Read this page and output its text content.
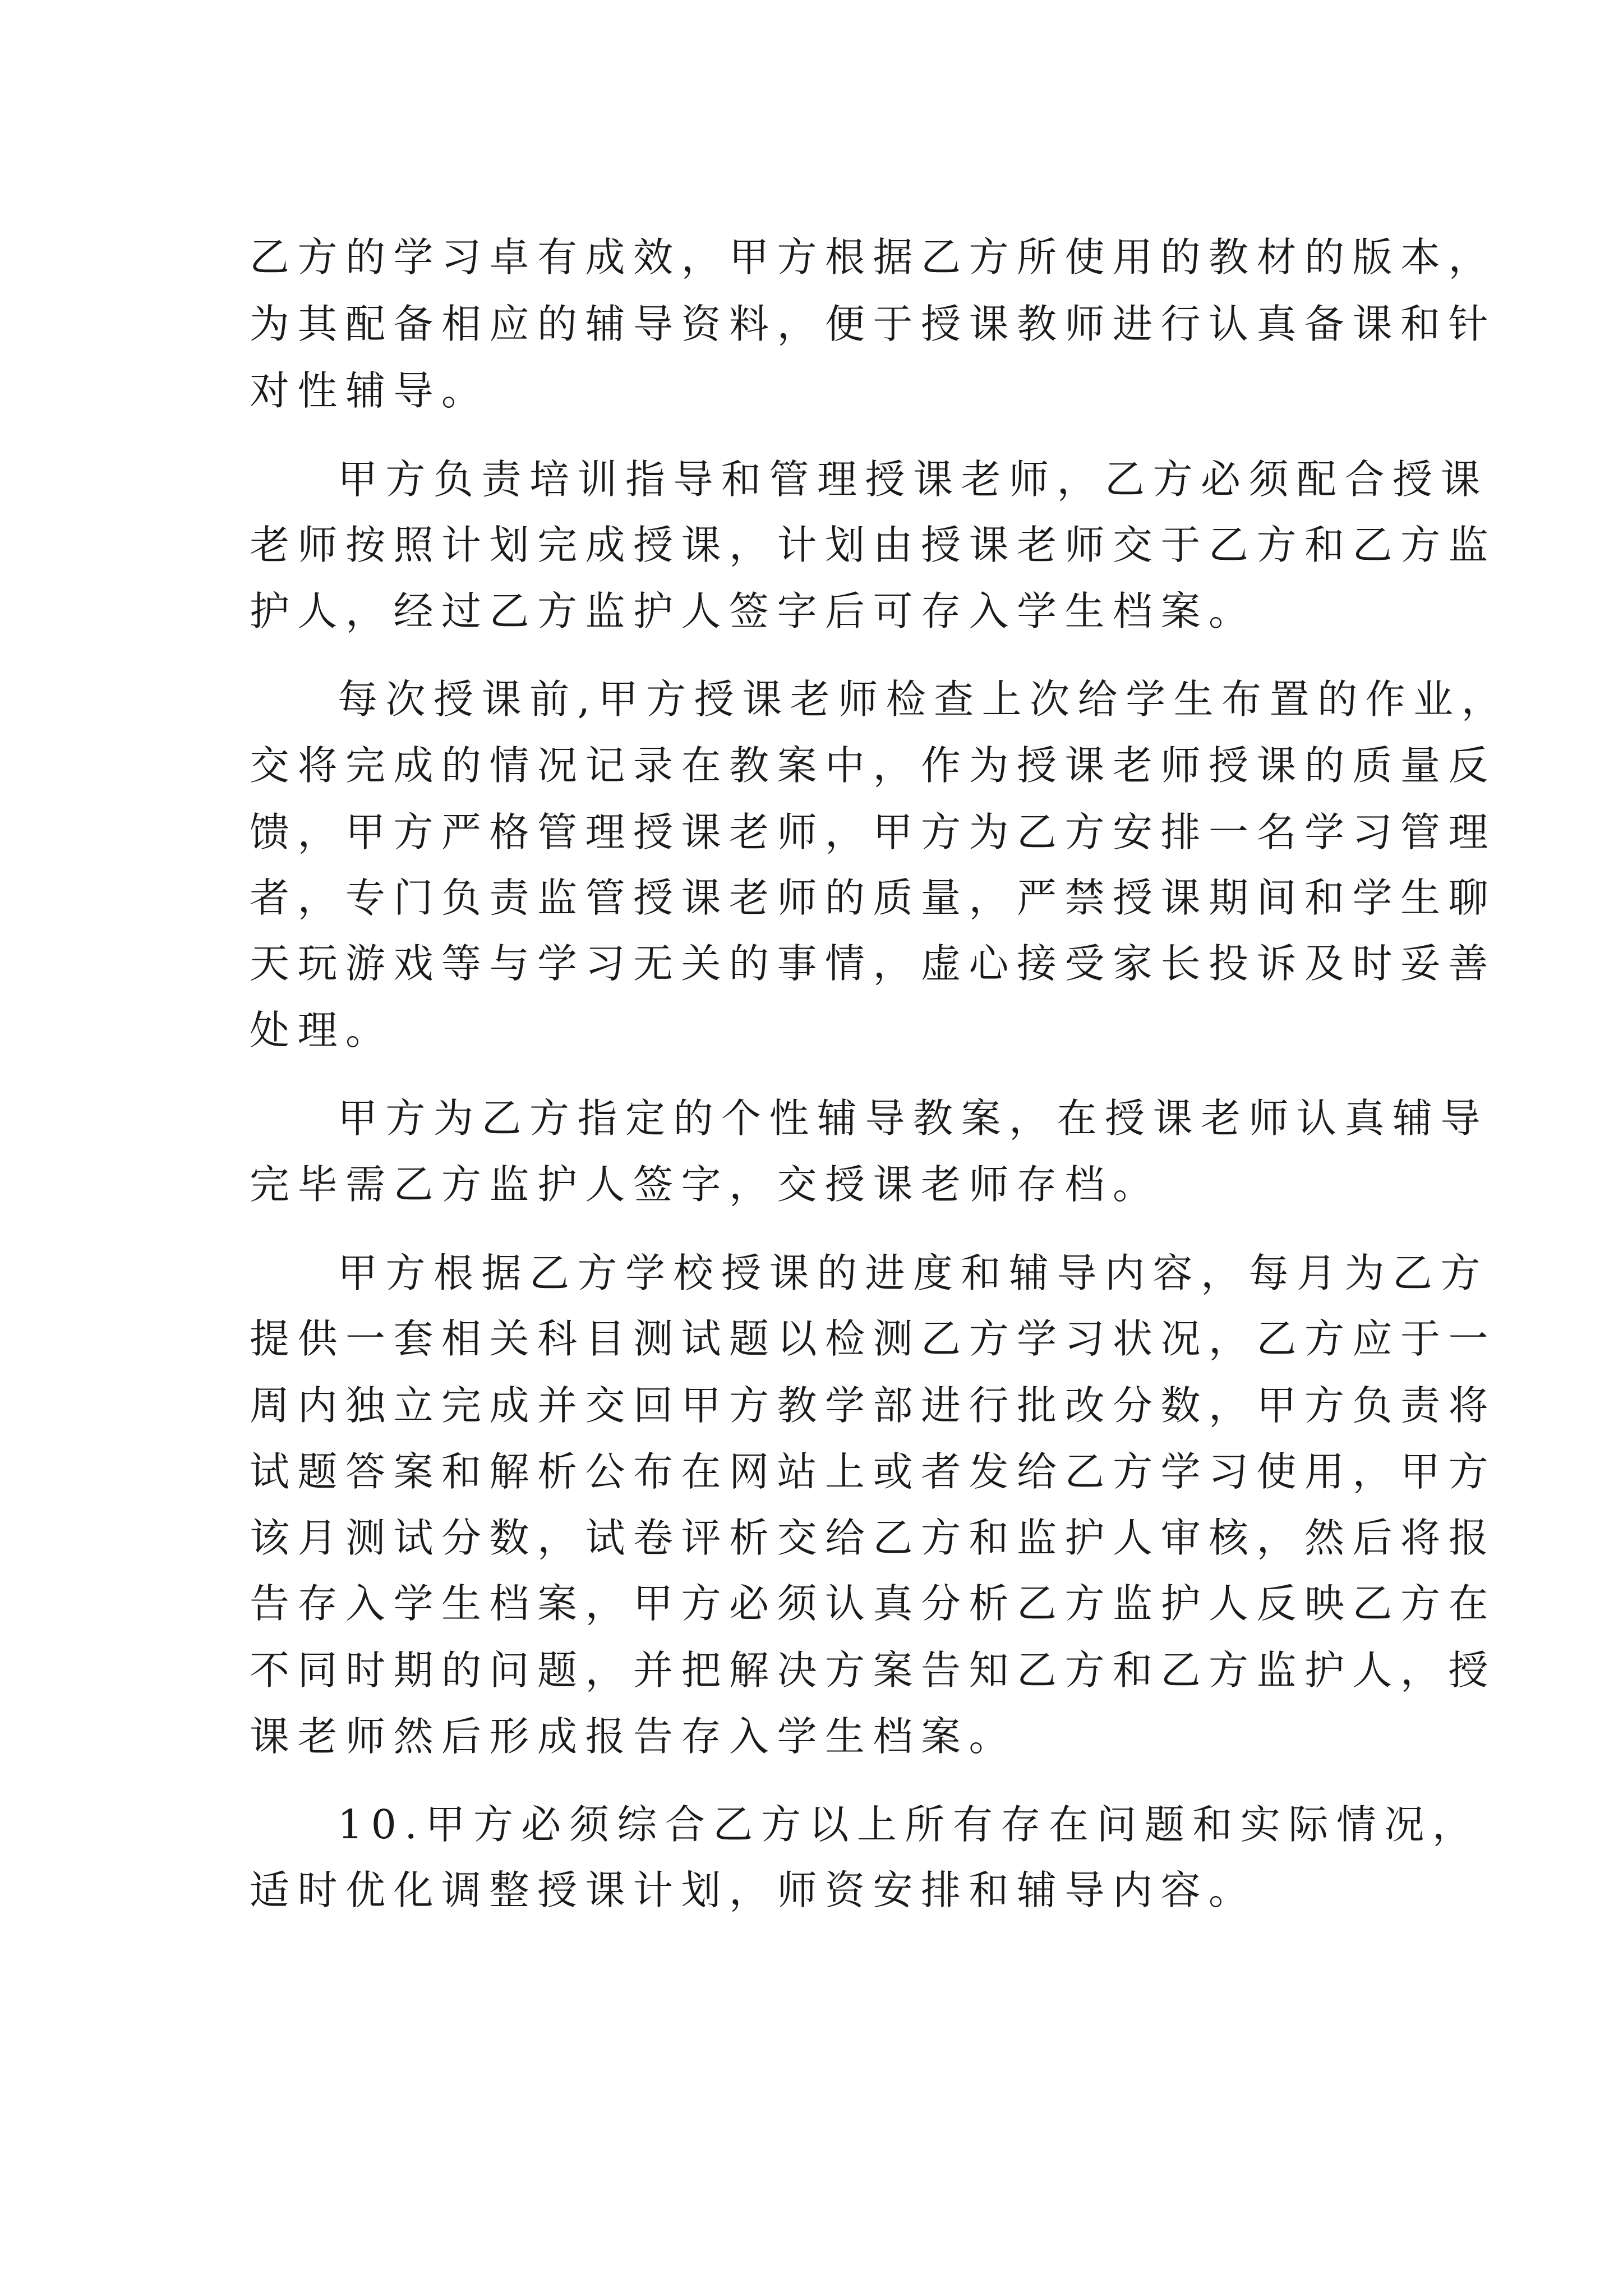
乙方的学习卓有成效，甲方根据乙方所使用的教材的版本，
为其配备相应的辅导资料，便于授课教师进行认真备课和针
对性辅导。
甲方负责培训指导和管理授课老师，乙方必须配合授课
老师按照计划完成授课，计划由授课老师交于乙方和乙方监
护人，经过乙方监护人签字后可存入学生档案。
每次授课前,甲方授课老师检查上次给学生布置的作业，
交将完成的情况记录在教案中，作为授课老师授课的质量反
馈，甲方严格管理授课老师，甲方为乙方安排一名学习管理
者，专门负责监管授课老师的质量，严禁授课期间和学生聊
天玩游戏等与学习无关的事情，虚心接受家长投诉及时妥善
处理。
甲方为乙方指定的个性辅导教案，在授课老师认真辅导
完毕需乙方监护人签字，交授课老师存档。
甲方根据乙方学校授课的进度和辅导内容，每月为乙方
提供一套相关科目测试题以检测乙方学习状况，乙方应于一
周内独立完成并交回甲方教学部进行批改分数，甲方负责将
试题答案和解析公布在网站上或者发给乙方学习使用，甲方
该月测试分数，试卷评析交给乙方和监护人审核，然后将报
告存入学生档案，甲方必须认真分析乙方监护人反映乙方在
不同时期的问题，并把解决方案告知乙方和乙方监护人，授
课老师然后形成报告存入学生档案。
10.甲方必须综合乙方以上所有存在问题和实际情况，
适时优化调整授课计划，师资安排和辅导内容。
